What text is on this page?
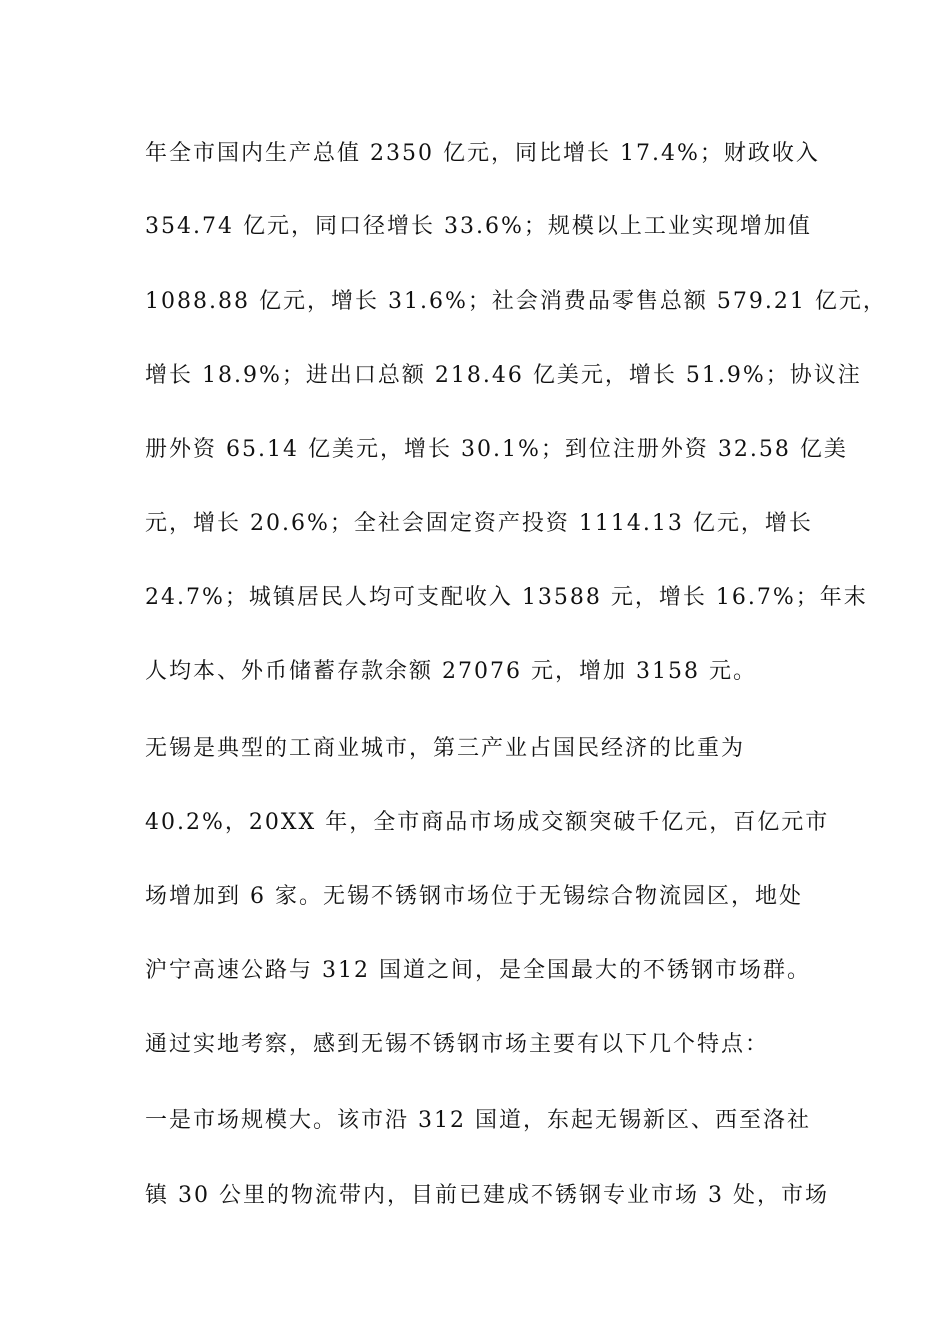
年全市国内生产总值 2350 亿元，同比增长 17.4%；财政收入
354.74 亿元，同口径增长 33.6%；规模以上工业实现增加值
1088.88 亿元，增长 31.6%；社会消费品零售总额 579.21 亿元，
增长 18.9%；进出口总额 218.46 亿美元，增长 51.9%；协议注
册外资 65.14 亿美元，增长 30.1%；到位注册外资 32.58 亿美
元，增长 20.6%；全社会固定资产投资 1114.13 亿元，增长
24.7%；城镇居民人均可支配收入 13588 元，增长 16.7%；年末
人均本、外币储蓄存款余额 27076 元，增加 3158 元。
无锡是典型的工商业城市，第三产业占国民经济的比重为
40.2%，20XX 年，全市商品市场成交额突破千亿元，百亿元市
场增加到 6 家。无锡不锈钢市场位于无锡综合物流园区，地处
沪宁高速公路与 312 国道之间，是全国最大的不锈钢市场群。
通过实地考察，感到无锡不锈钢市场主要有以下几个特点：
一是市场规模大。该市沿 312 国道，东起无锡新区、西至洛社
镇 30 公里的物流带内，目前已建成不锈钢专业市场 3 处，市场
